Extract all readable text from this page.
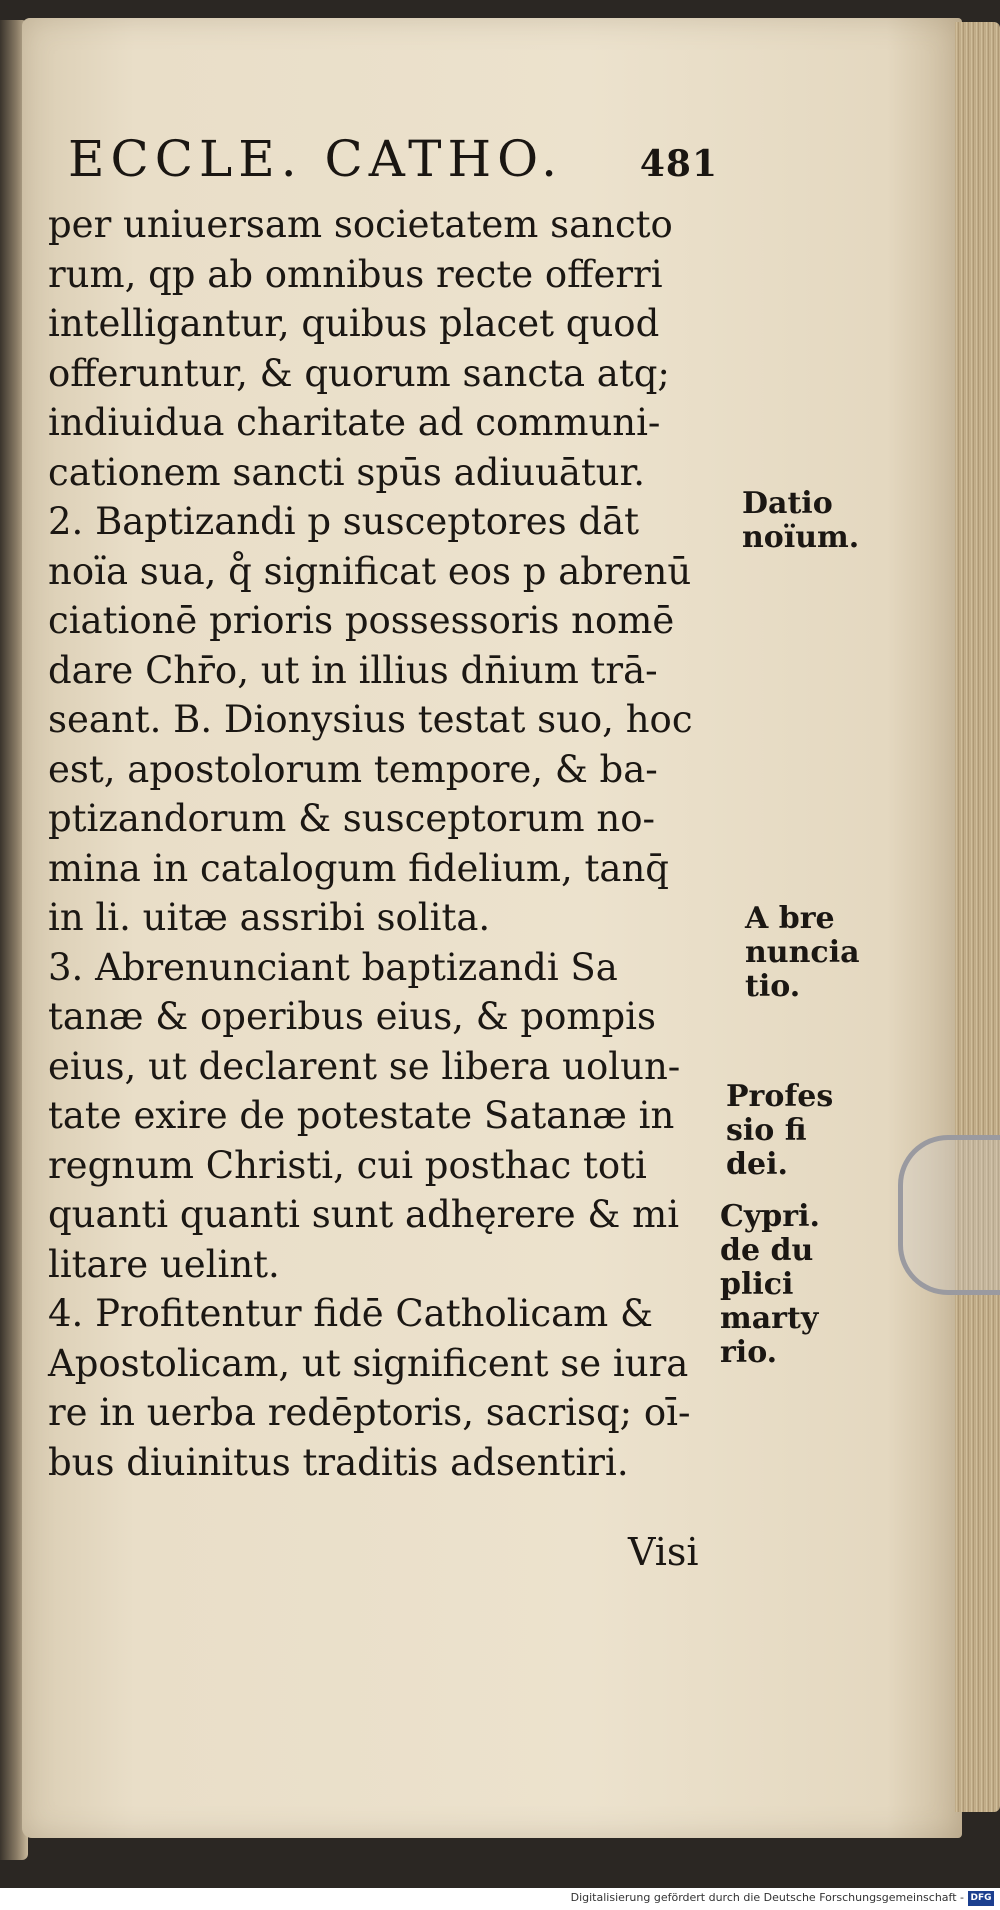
ECCLE. CATHO. 481
per uniuersam societatem sancto
rum, qp ab omnibus recte offerri
intelligantur, quibus placet quod
offeruntur, & quorum sancta atq;
indiuidua charitate ad communi-
cationem sancti spūs adiuuātur.
2. Baptizandi p susceptores dāt
noïa sua, q̊ significat eos p abrenū
ciationē prioris possessoris nomē
dare Chr̄o, ut in illius dn̄ium trā-
seant. B. Dionysius testat suo, hoc
est, apostolorum tempore, & ba-
ptizandorum & susceptorum no-
mina in catalogum fidelium, tanq̄
in li. uitæ assribi solita.
3. Abrenunciant baptizandi Sa
tanæ & operibus eius, & pompis
eius, ut declarent se libera uolun-
tate exire de potestate Satanæ in
regnum Christi, cui posthac toti
quanti quanti sunt adhęrere & mi
litare uelint.
4. Profitentur fidē Catholicam &
Apostolicam, ut significent se iura
re in uerba redēptoris, sacrisq; oī-
bus diuinitus traditis adsentiri.
Visi
Datio
noïum.
A bre
nuncia
tio.
Profes
sio fi
dei.
Cypri.
de du
plici
marty
rio.
Digitalisierung gefördert durch die Deutsche Forschungsgemeinschaft - DFG
